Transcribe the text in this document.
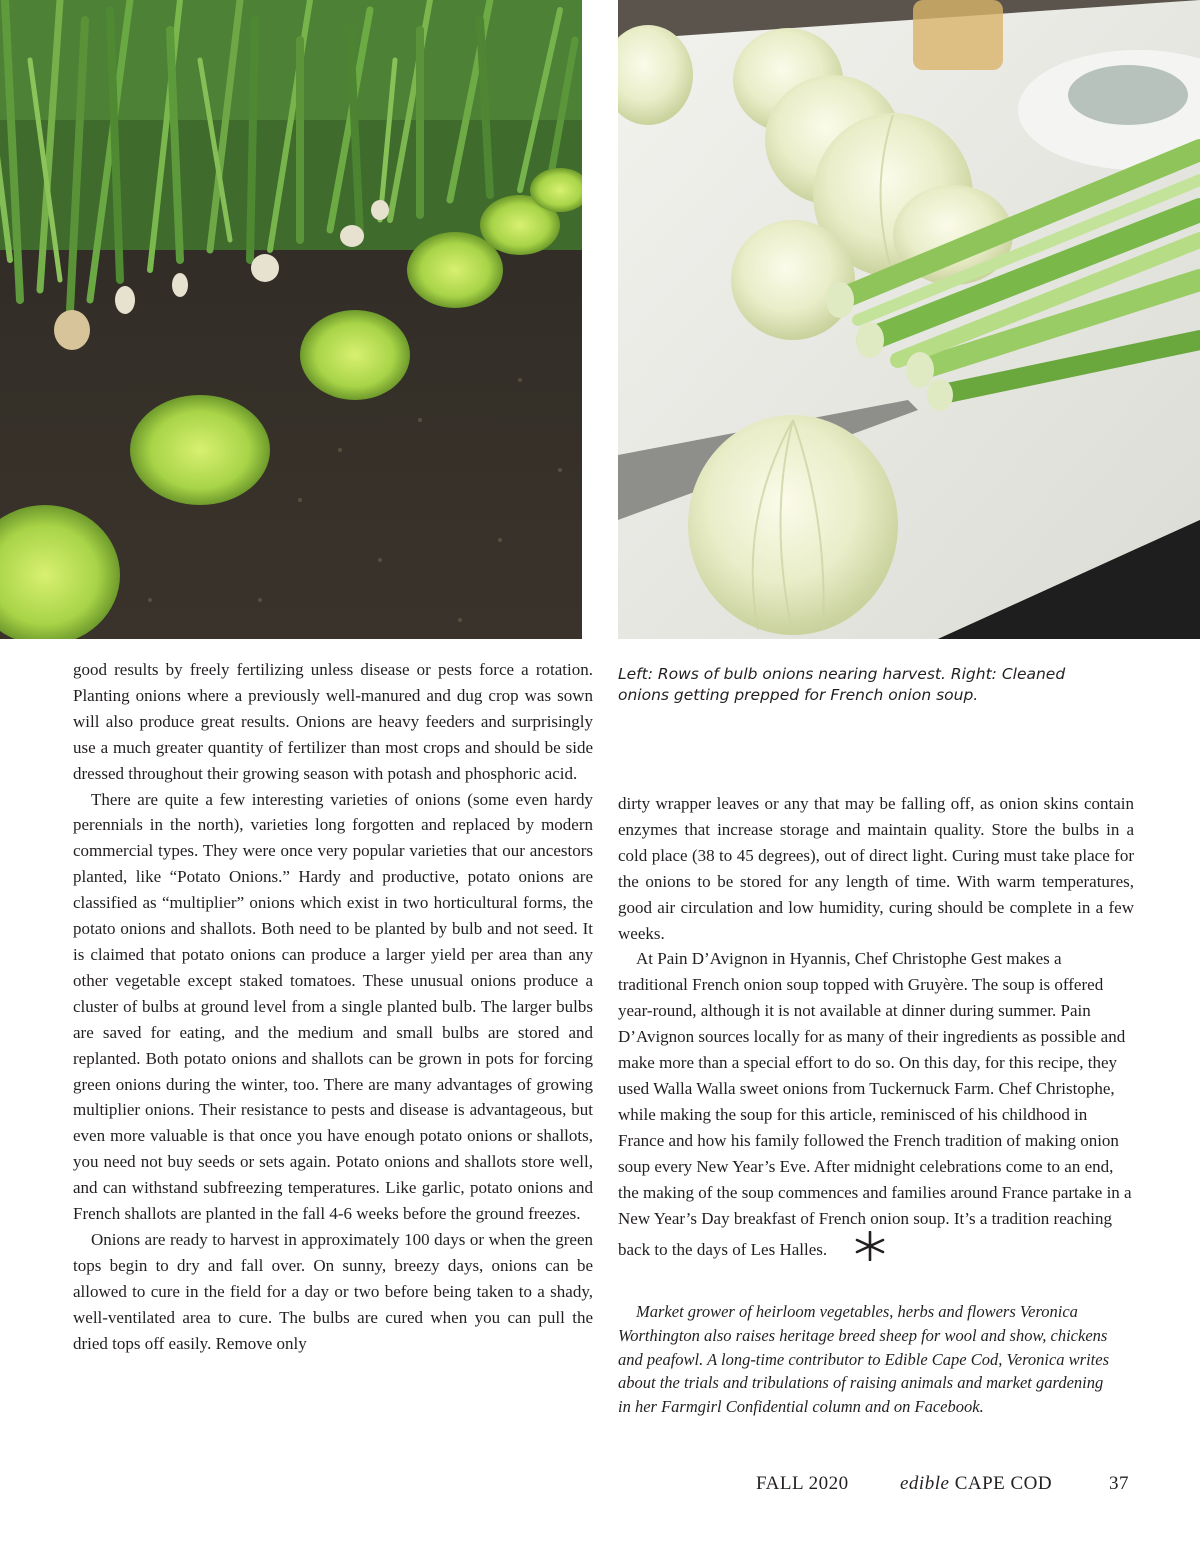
Left: Rows of bulb onions nearing harvest. Right: Cleaned onions getting prepped for French onion soup.

good results by freely fertilizing unless disease or pests force a rotation. Planting onions where a previously well-manured and dug crop was sown will also produce great results. Onions are heavy feeders and surprisingly use a much greater quantity of fertilizer than most crops and should be side dressed throughout their growing season with potash and phosphoric acid.

There are quite a few interesting varieties of onions (some even hardy perennials in the north), varieties long forgotten and replaced by modern commercial types. They were once very popular varieties that our ancestors planted, like “Potato Onions.” Hardy and productive, potato onions are classified as “multiplier” onions which exist in two horticultural forms, the potato onions and shallots. Both need to be planted by bulb and not seed. It is claimed that potato onions can produce a larger yield per area than any other vegetable except staked tomatoes. These unusual onions produce a cluster of bulbs at ground level from a single planted bulb. The larger bulbs are saved for eating, and the medium and small bulbs are stored and replanted. Both potato onions and shallots can be grown in pots for forcing green onions during the winter, too. There are many advantages of growing multiplier onions. Their resistance to pests and disease is advantageous, but even more valuable is that once you have enough potato onions or shallots, you need not buy seeds or sets again. Potato onions and shallots store well, and can withstand subfreezing temperatures. Like garlic, potato onions and French shallots are planted in the fall 4-6 weeks before the ground freezes.

Onions are ready to harvest in approximately 100 days or when the green tops begin to dry and fall over. On sunny, breezy days, onions can be allowed to cure in the field for a day or two before being taken to a shady, well-ventilated area to cure. The bulbs are cured when you can pull the dried tops off easily. Remove only

dirty wrapper leaves or any that may be falling off, as onion skins contain enzymes that increase storage and maintain quality. Store the bulbs in a cold place (38 to 45 degrees), out of direct light. Curing must take place for the onions to be stored for any length of time. With warm temperatures, good air circulation and low humidity, curing should be complete in a few weeks.

At Pain D’Avignon in Hyannis, Chef Christophe Gest makes a traditional French onion soup topped with Gruyère. The soup is offered year-round, although it is not available at dinner during summer. Pain D’Avignon sources locally for as many of their ingredients as possible and make more than a special effort to do so. On this day, for this recipe, they used Walla Walla sweet onions from Tuckernuck Farm. Chef Christophe, while making the soup for this article, reminisced of his childhood in France and how his family followed the French tradition of making onion soup every New Year’s Eve. After midnight celebrations come to an end, the making of the soup commences and families around France partake in a New Year’s Day breakfast of French onion soup. It’s a tradition reaching back to the days of Les Halles.

Market grower of heirloom vegetables, herbs and flowers Veronica Worthington also raises heritage breed sheep for wool and show, chickens and peafowl. A long-time contributor to Edible Cape Cod, Veronica writes about the trials and tribulations of raising animals and market gardening in her Farmgirl Confidential column and on Facebook.

FALL 2020	edible CAPE COD	37
